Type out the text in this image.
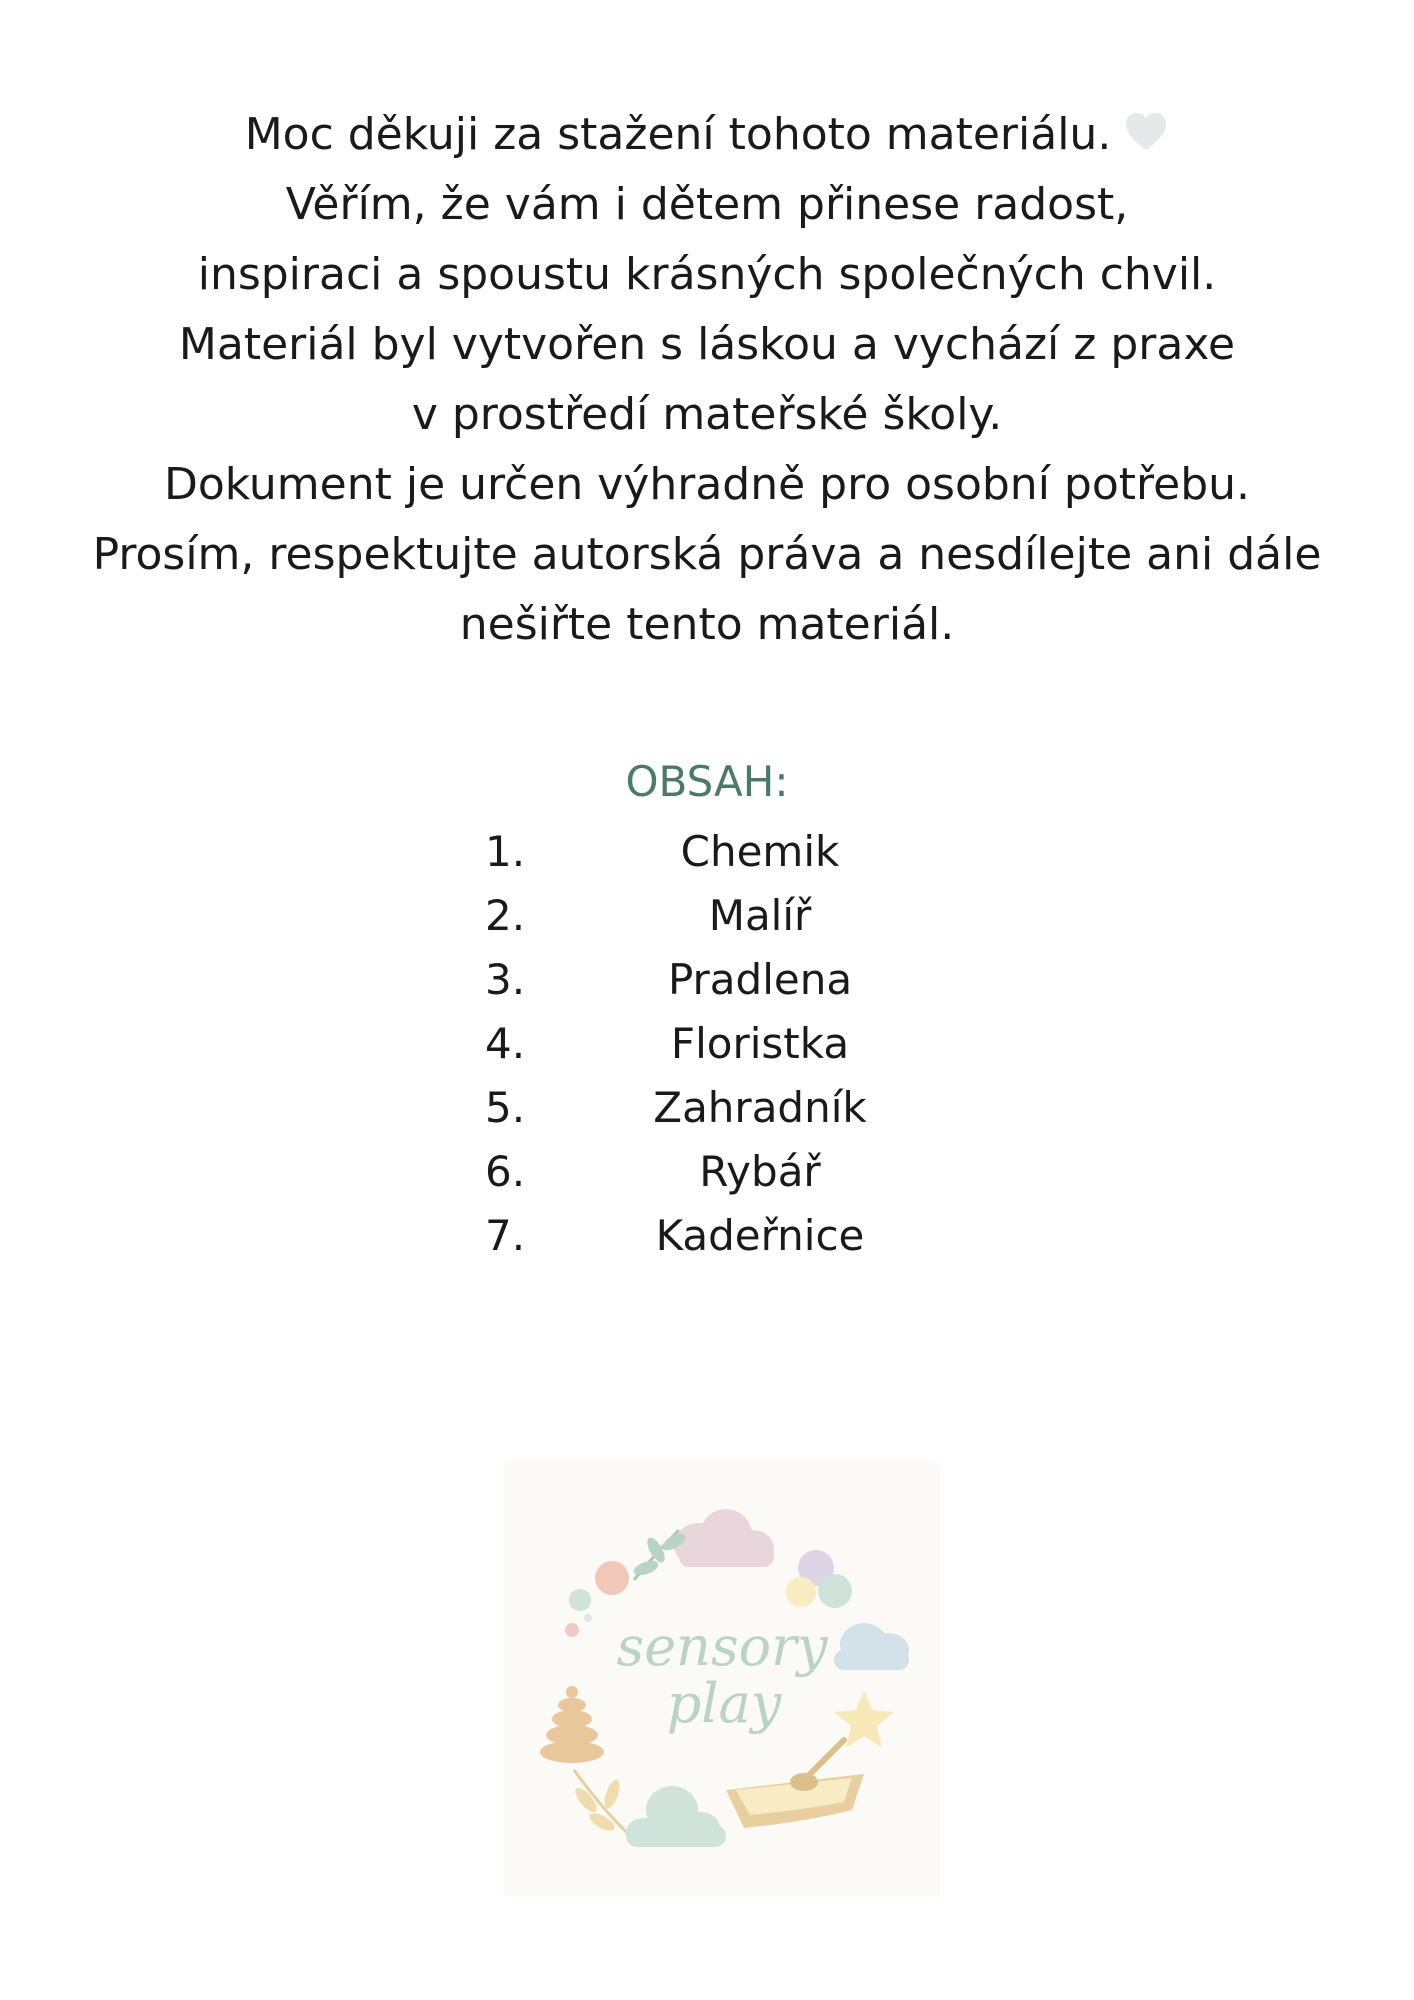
Moc děkuji za stažení tohoto materiálu.
Věřím, že vám i dětem přinese radost,
inspiraci a spoustu krásných společných chvil.
Materiál byl vytvořen s láskou a vychází z praxe
v prostředí mateřské školy.
Dokument je určen výhradně pro osobní potřebu.
Prosím, respektujte autorská práva a nesdílejte ani dále
nešiřte tento materiál.
OBSAH:
1.	Chemik
2.	Malíř
3.	Pradlena
4.	Floristka
5.	Zahradník
6.	Rybář
7.	Kadeřnice
sensory
play
